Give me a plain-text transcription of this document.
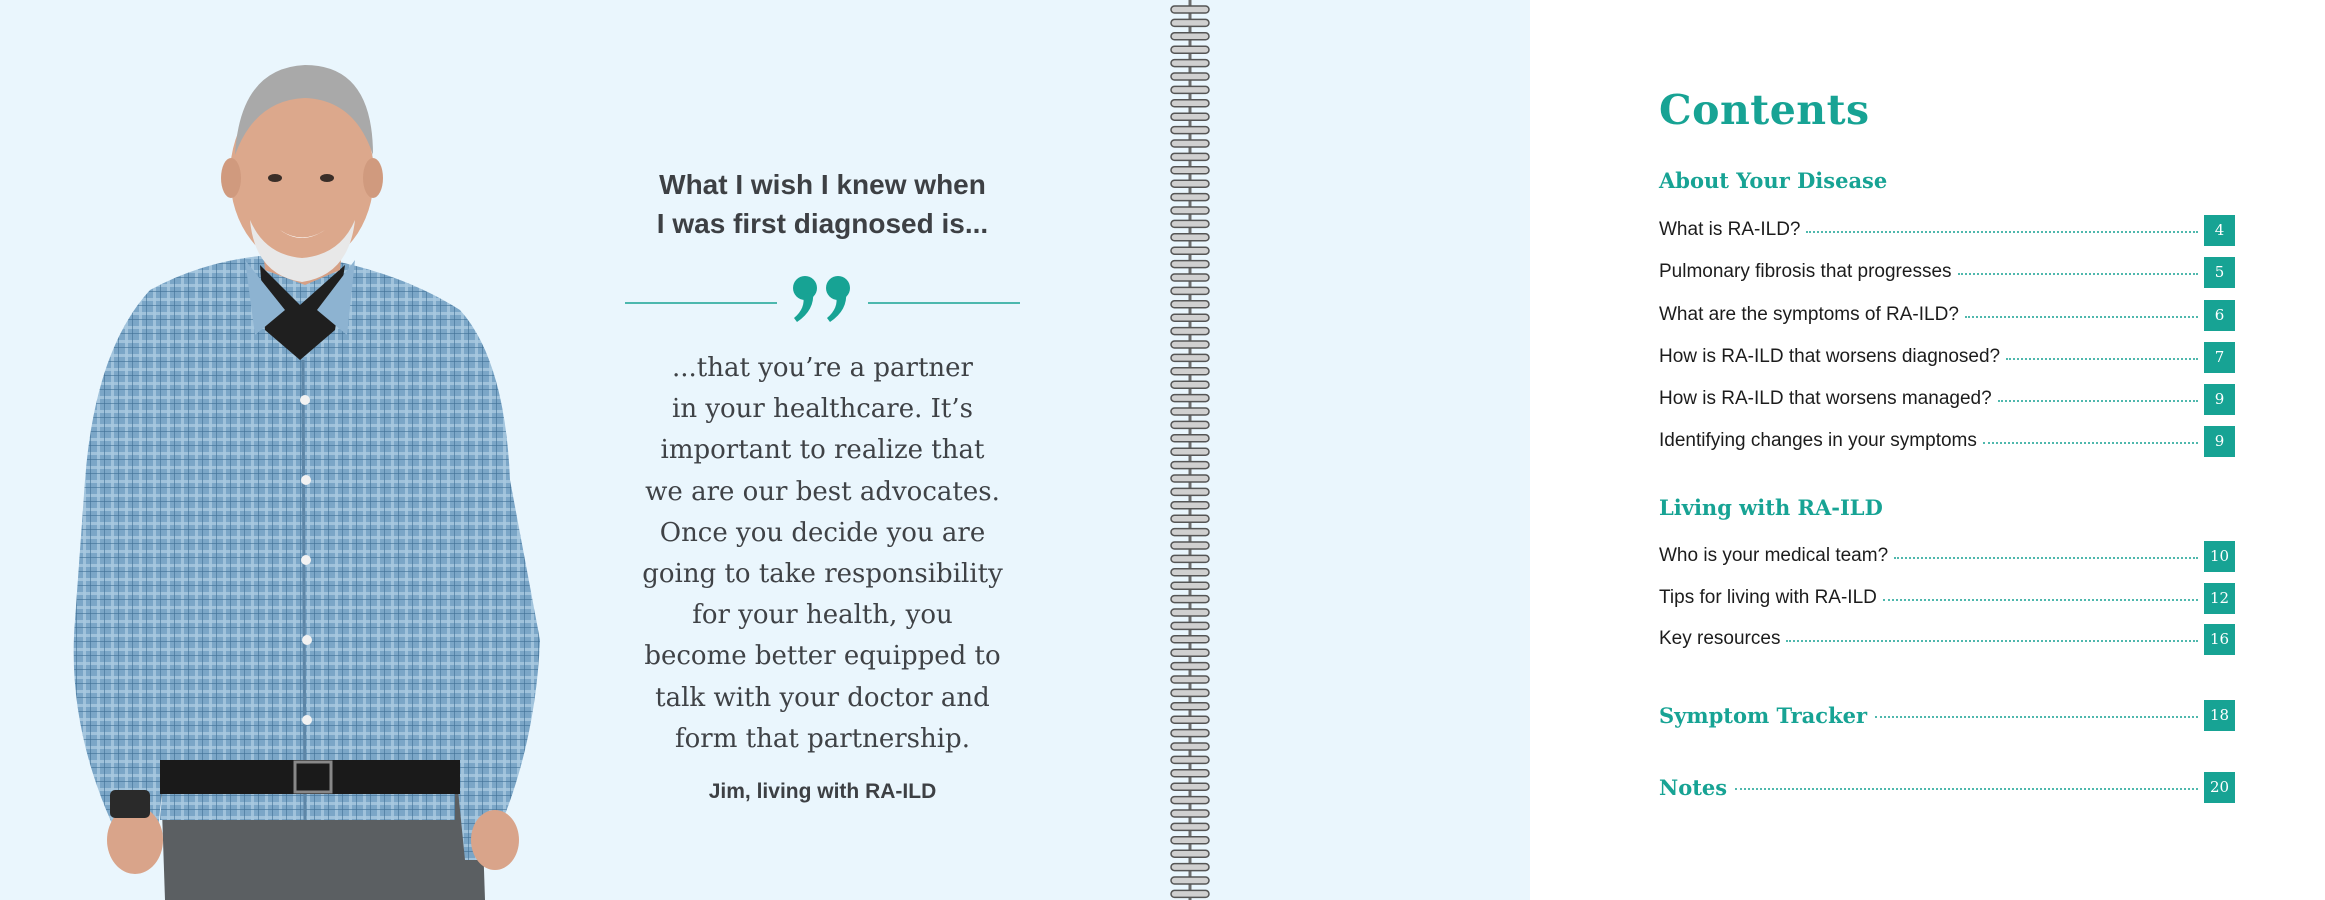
What I wish I knew when
I was first diagnosed is...
...that you’re a partner
in your healthcare. It’s
important to realize that
we are our best advocates.
Once you decide you are
going to take responsibility
for your health, you
become better equipped to
talk with your doctor and
form that partnership.
Jim, living with RA-ILD
Contents
About Your Disease
What is RA-ILD?	4
Pulmonary fibrosis that progresses	5
What are the symptoms of RA-ILD?	6
How is RA-ILD that worsens diagnosed?	7
How is RA-ILD that worsens managed?	9
Identifying changes in your symptoms	9
Living with RA-ILD
Who is your medical team?	10
Tips for living with RA-ILD	12
Key resources	16
Symptom Tracker	18
Notes	20
